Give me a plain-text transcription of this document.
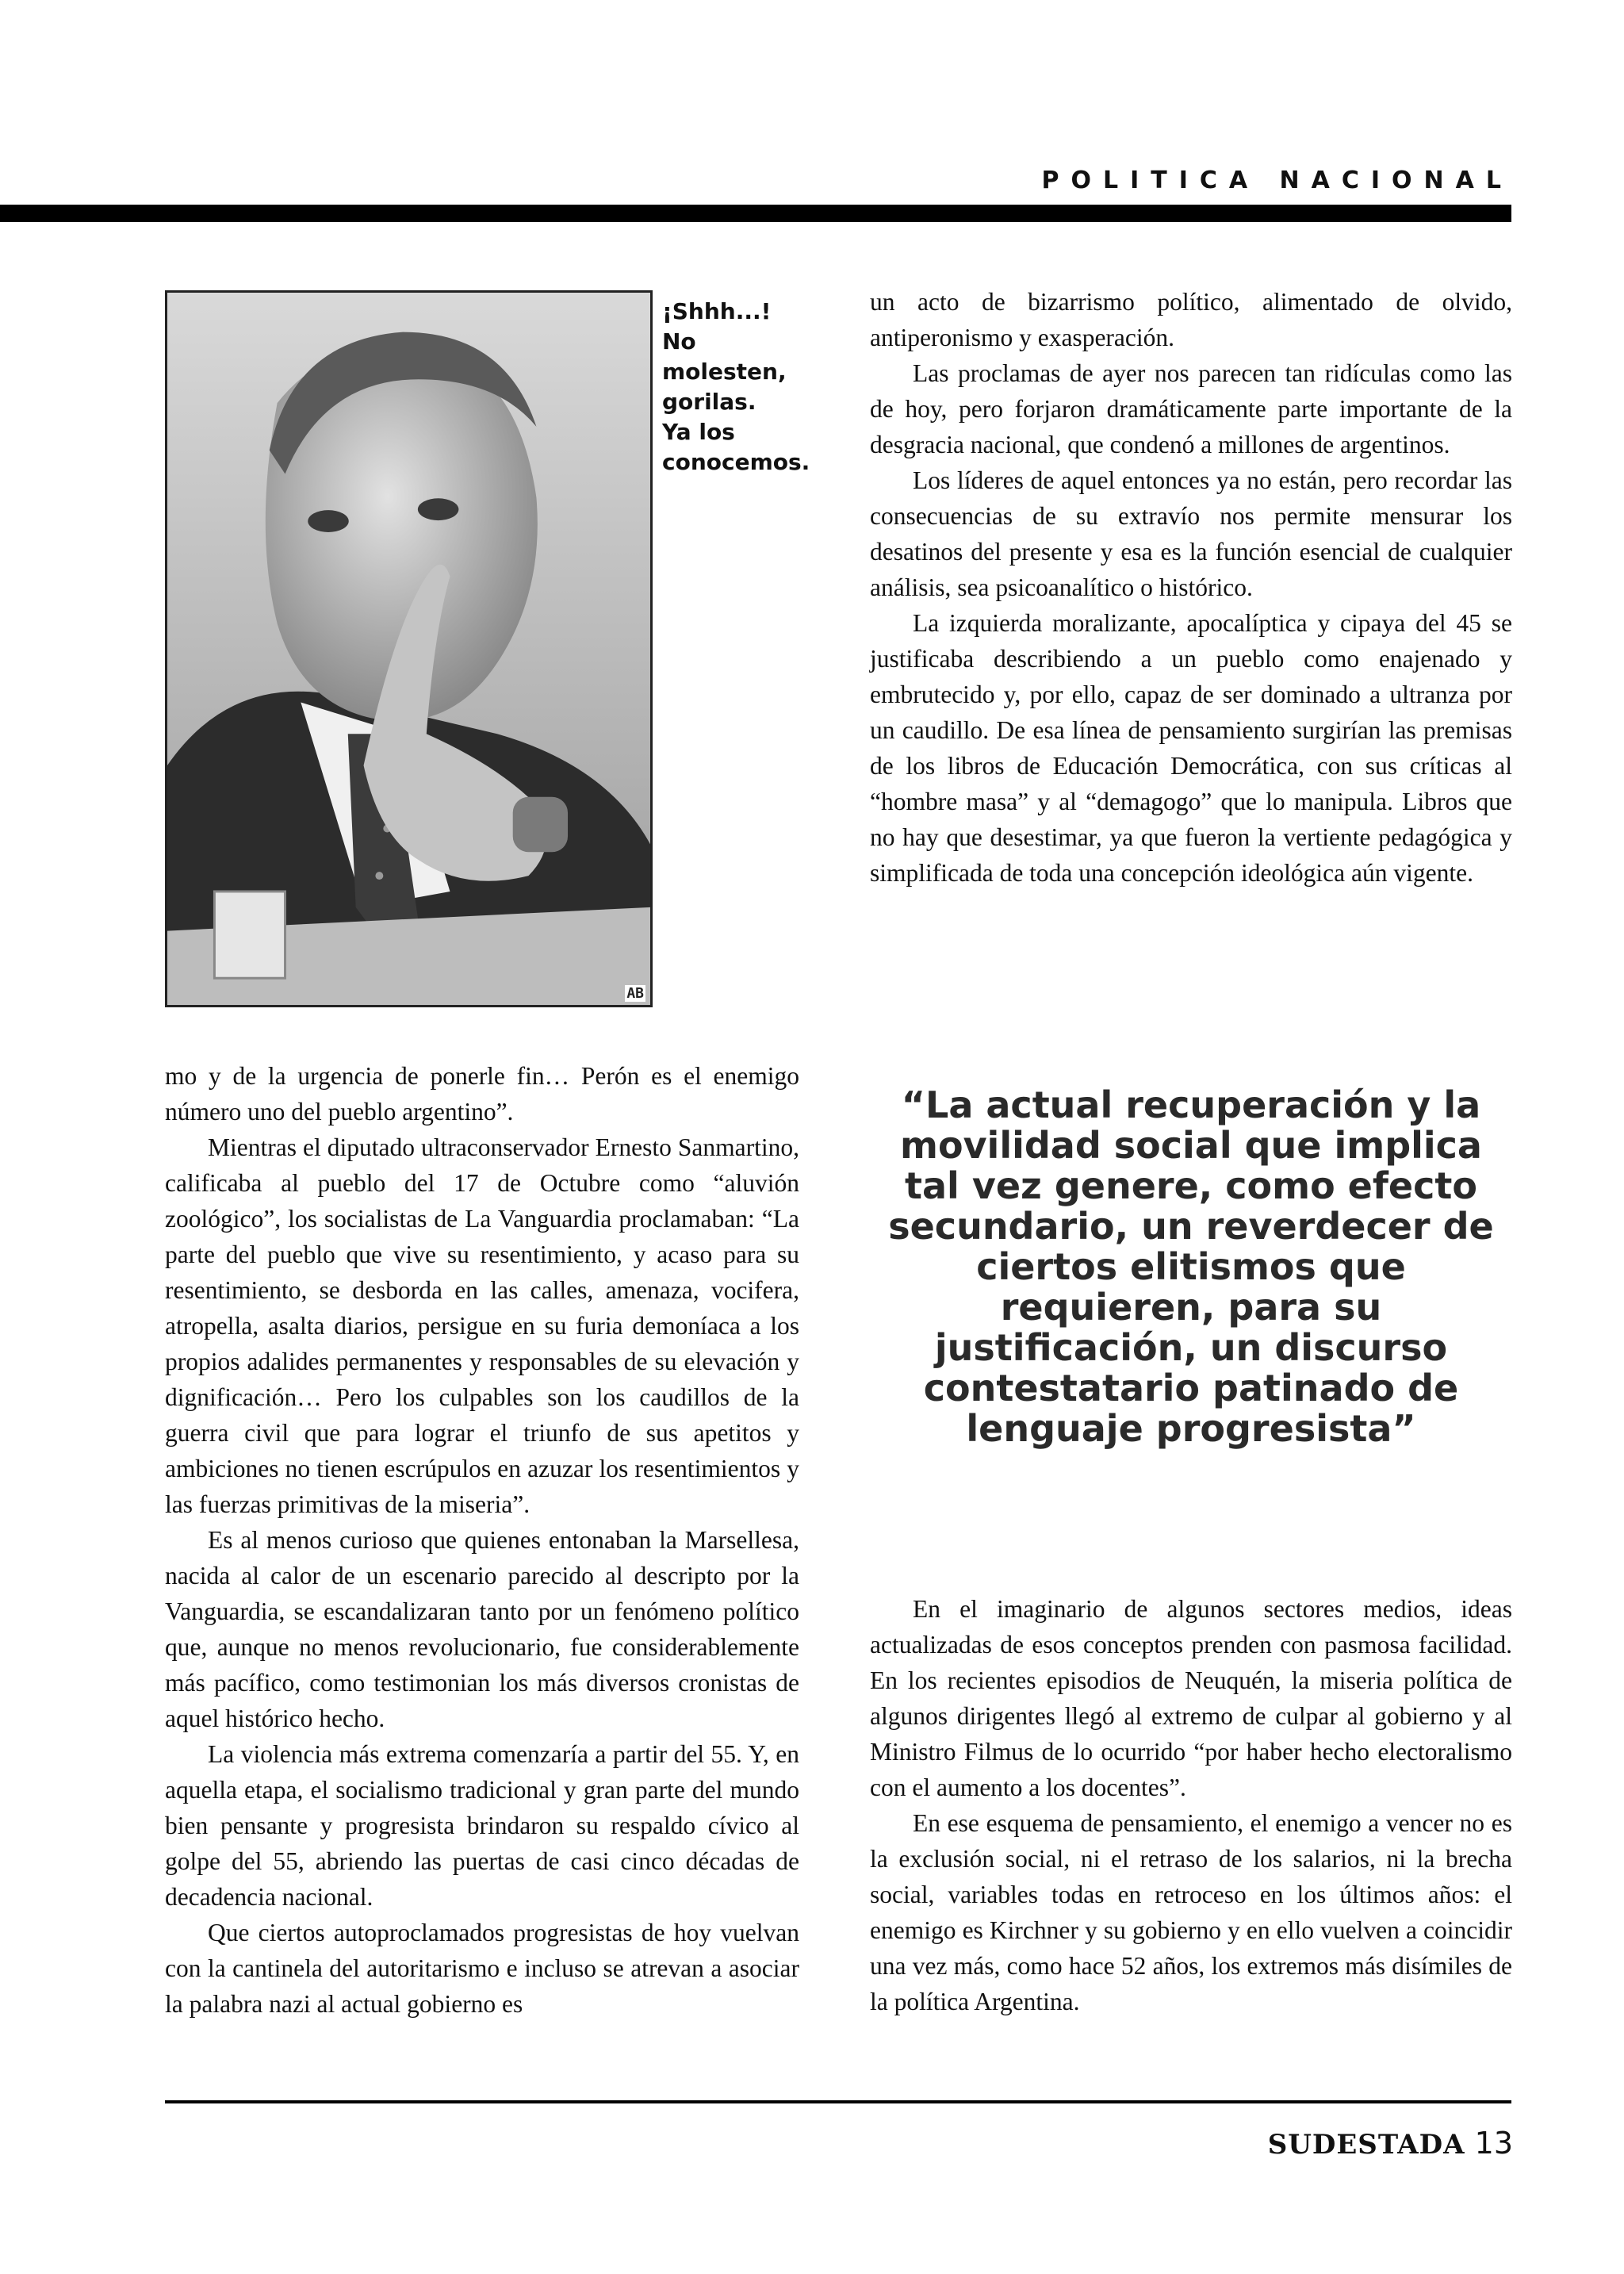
POLITICA NACIONAL
AB
¡Shhh...!
No
molesten,
gorilas.
Ya los
conocemos.

un acto de bizarrismo político, alimentado de olvido, antiperonismo y exasperación.

Las proclamas de ayer nos parecen tan ridículas como las de hoy, pero forjaron dramáticamente parte importante de la desgracia nacional, que condenó a millones de argentinos.

Los líderes de aquel entonces ya no están, pero recordar las consecuencias de su extravío nos permite mensurar los desatinos del presente y esa es la función esencial de cualquier análisis, sea psicoanalítico o histórico.

La izquierda moralizante, apocalíptica y cipaya del 45 se justificaba describiendo a un pueblo como enajenado y embrutecido y, por ello, capaz de ser dominado a ultranza por un caudillo. De esa línea de pensamiento surgirían las premisas de los libros de Educación Democrática, con sus críticas al “hombre masa” y al “demagogo” que lo manipula. Libros que no hay que desestimar, ya que fueron la vertiente pedagógica y simplificada de toda una concepción ideológica aún vigente.

mo y de la urgencia de ponerle fin… Perón es el enemigo número uno del pueblo argentino”.

Mientras el diputado ultraconservador Ernesto Sanmartino, calificaba al pueblo del 17 de Octubre como “aluvión zoológico”, los socialistas de La Vanguardia proclamaban: “La parte del pueblo que vive su resentimiento, y acaso para su resentimiento, se desborda en las calles, amenaza, vocifera, atropella, asalta diarios, persigue en su furia demoníaca a los propios adalides permanentes y responsables de su elevación y dignificación… Pero los culpables son los caudillos de la guerra civil que para lograr el triunfo de sus apetitos y ambiciones no tienen escrúpulos en azuzar los resentimientos y las fuerzas primitivas de la miseria”.

Es al menos curioso que quienes entonaban la Marsellesa, nacida al calor de un escenario parecido al descripto por la Vanguardia, se escandalizaran tanto por un fenómeno político que, aunque no menos revolucionario, fue considerablemente más pacífico, como testimonian los más diversos cronistas de aquel histórico hecho.

La violencia más extrema comenzaría a partir del 55. Y, en aquella etapa, el socialismo tradicional y gran parte del mundo bien pensante y progresista brindaron su respaldo cívico al golpe del 55, abriendo las puertas de casi cinco décadas de decadencia nacional.

Que ciertos autoproclamados progresistas de hoy vuelvan con la cantinela del autoritarismo e incluso se atrevan a asociar la palabra nazi al actual gobierno es

“La actual recuperación y la movilidad social que implica tal vez genere, como efecto secundario, un reverdecer de ciertos elitismos que requieren, para su justificación, un discurso contestatario patinado de lenguaje progresista”

En el imaginario de algunos sectores medios, ideas actualizadas de esos conceptos prenden con pasmosa facilidad. En los recientes episodios de Neuquén, la miseria política de algunos dirigentes llegó al extremo de culpar al gobierno y al Ministro Filmus de lo ocurrido “por haber hecho electoralismo con el aumento a los docentes”.

En ese esquema de pensamiento, el enemigo a vencer no es la exclusión social, ni el retraso de los salarios, ni la brecha social, variables todas en retroceso en los últimos años: el enemigo es Kirchner y su gobierno y en ello vuelven a coincidir una vez más, como hace 52 años, los extremos más disímiles de la política Argentina.

SUDESTADA 13
